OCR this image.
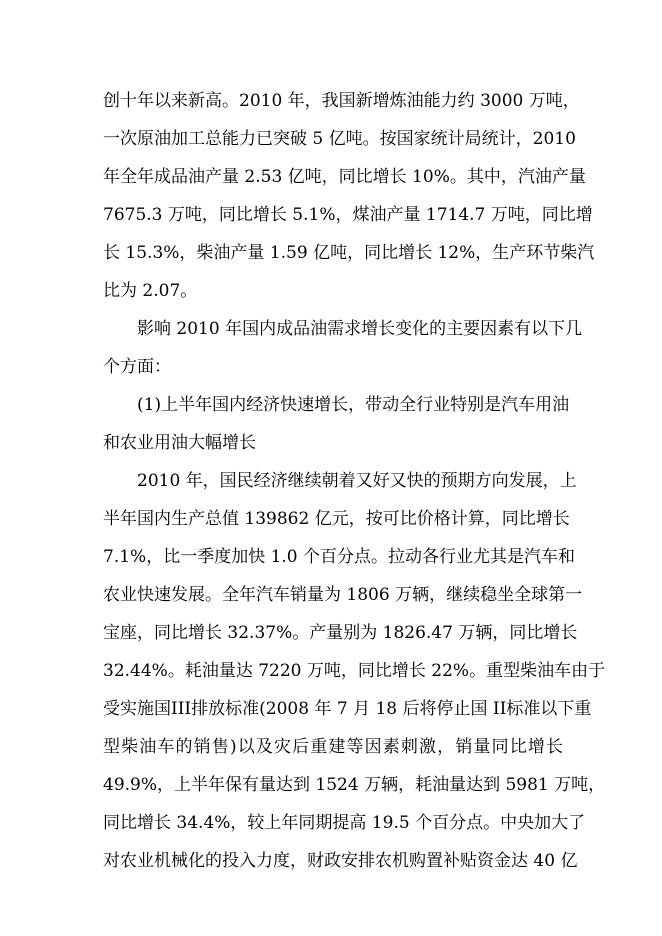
创十年以来新高。2010 年，我国新增炼油能力约 3000 万吨，
一次原油加工总能力已突破 5 亿吨。按国家统计局统计，2010
年全年成品油产量 2.53 亿吨，同比增长 10%。其中，汽油产量
7675.3 万吨，同比增长 5.1%，煤油产量 1714.7 万吨，同比增
长 15.3%，柴油产量 1.59 亿吨，同比增长 12%，生产环节柴汽
比为 2.07。
影响 2010 年国内成品油需求增长变化的主要因素有以下几
个方面：
(1)上半年国内经济快速增长，带动全行业特别是汽车用油
和农业用油大幅增长
2010 年，国民经济继续朝着又好又快的预期方向发展，上
半年国内生产总值 139862 亿元，按可比价格计算，同比增长
7.1%，比一季度加快 1.0 个百分点。拉动各行业尤其是汽车和
农业快速发展。全年汽车销量为 1806 万辆，继续稳坐全球第一
宝座，同比增长 32.37%。产量别为 1826.47 万辆，同比增长
32.44%。耗油量达 7220 万吨，同比增长 22%。重型柴油车由于
受实施国III排放标准(2008 年 7 月 18 后将停止国 II标准以下重
型柴油车的销售)以及灾后重建等因素刺激，销量同比增长
49.9%，上半年保有量达到 1524 万辆，耗油量达到 5981 万吨，
同比增长 34.4%，较上年同期提高 19.5 个百分点。中央加大了
对农业机械化的投入力度，财政安排农机购置补贴资金达 40 亿
